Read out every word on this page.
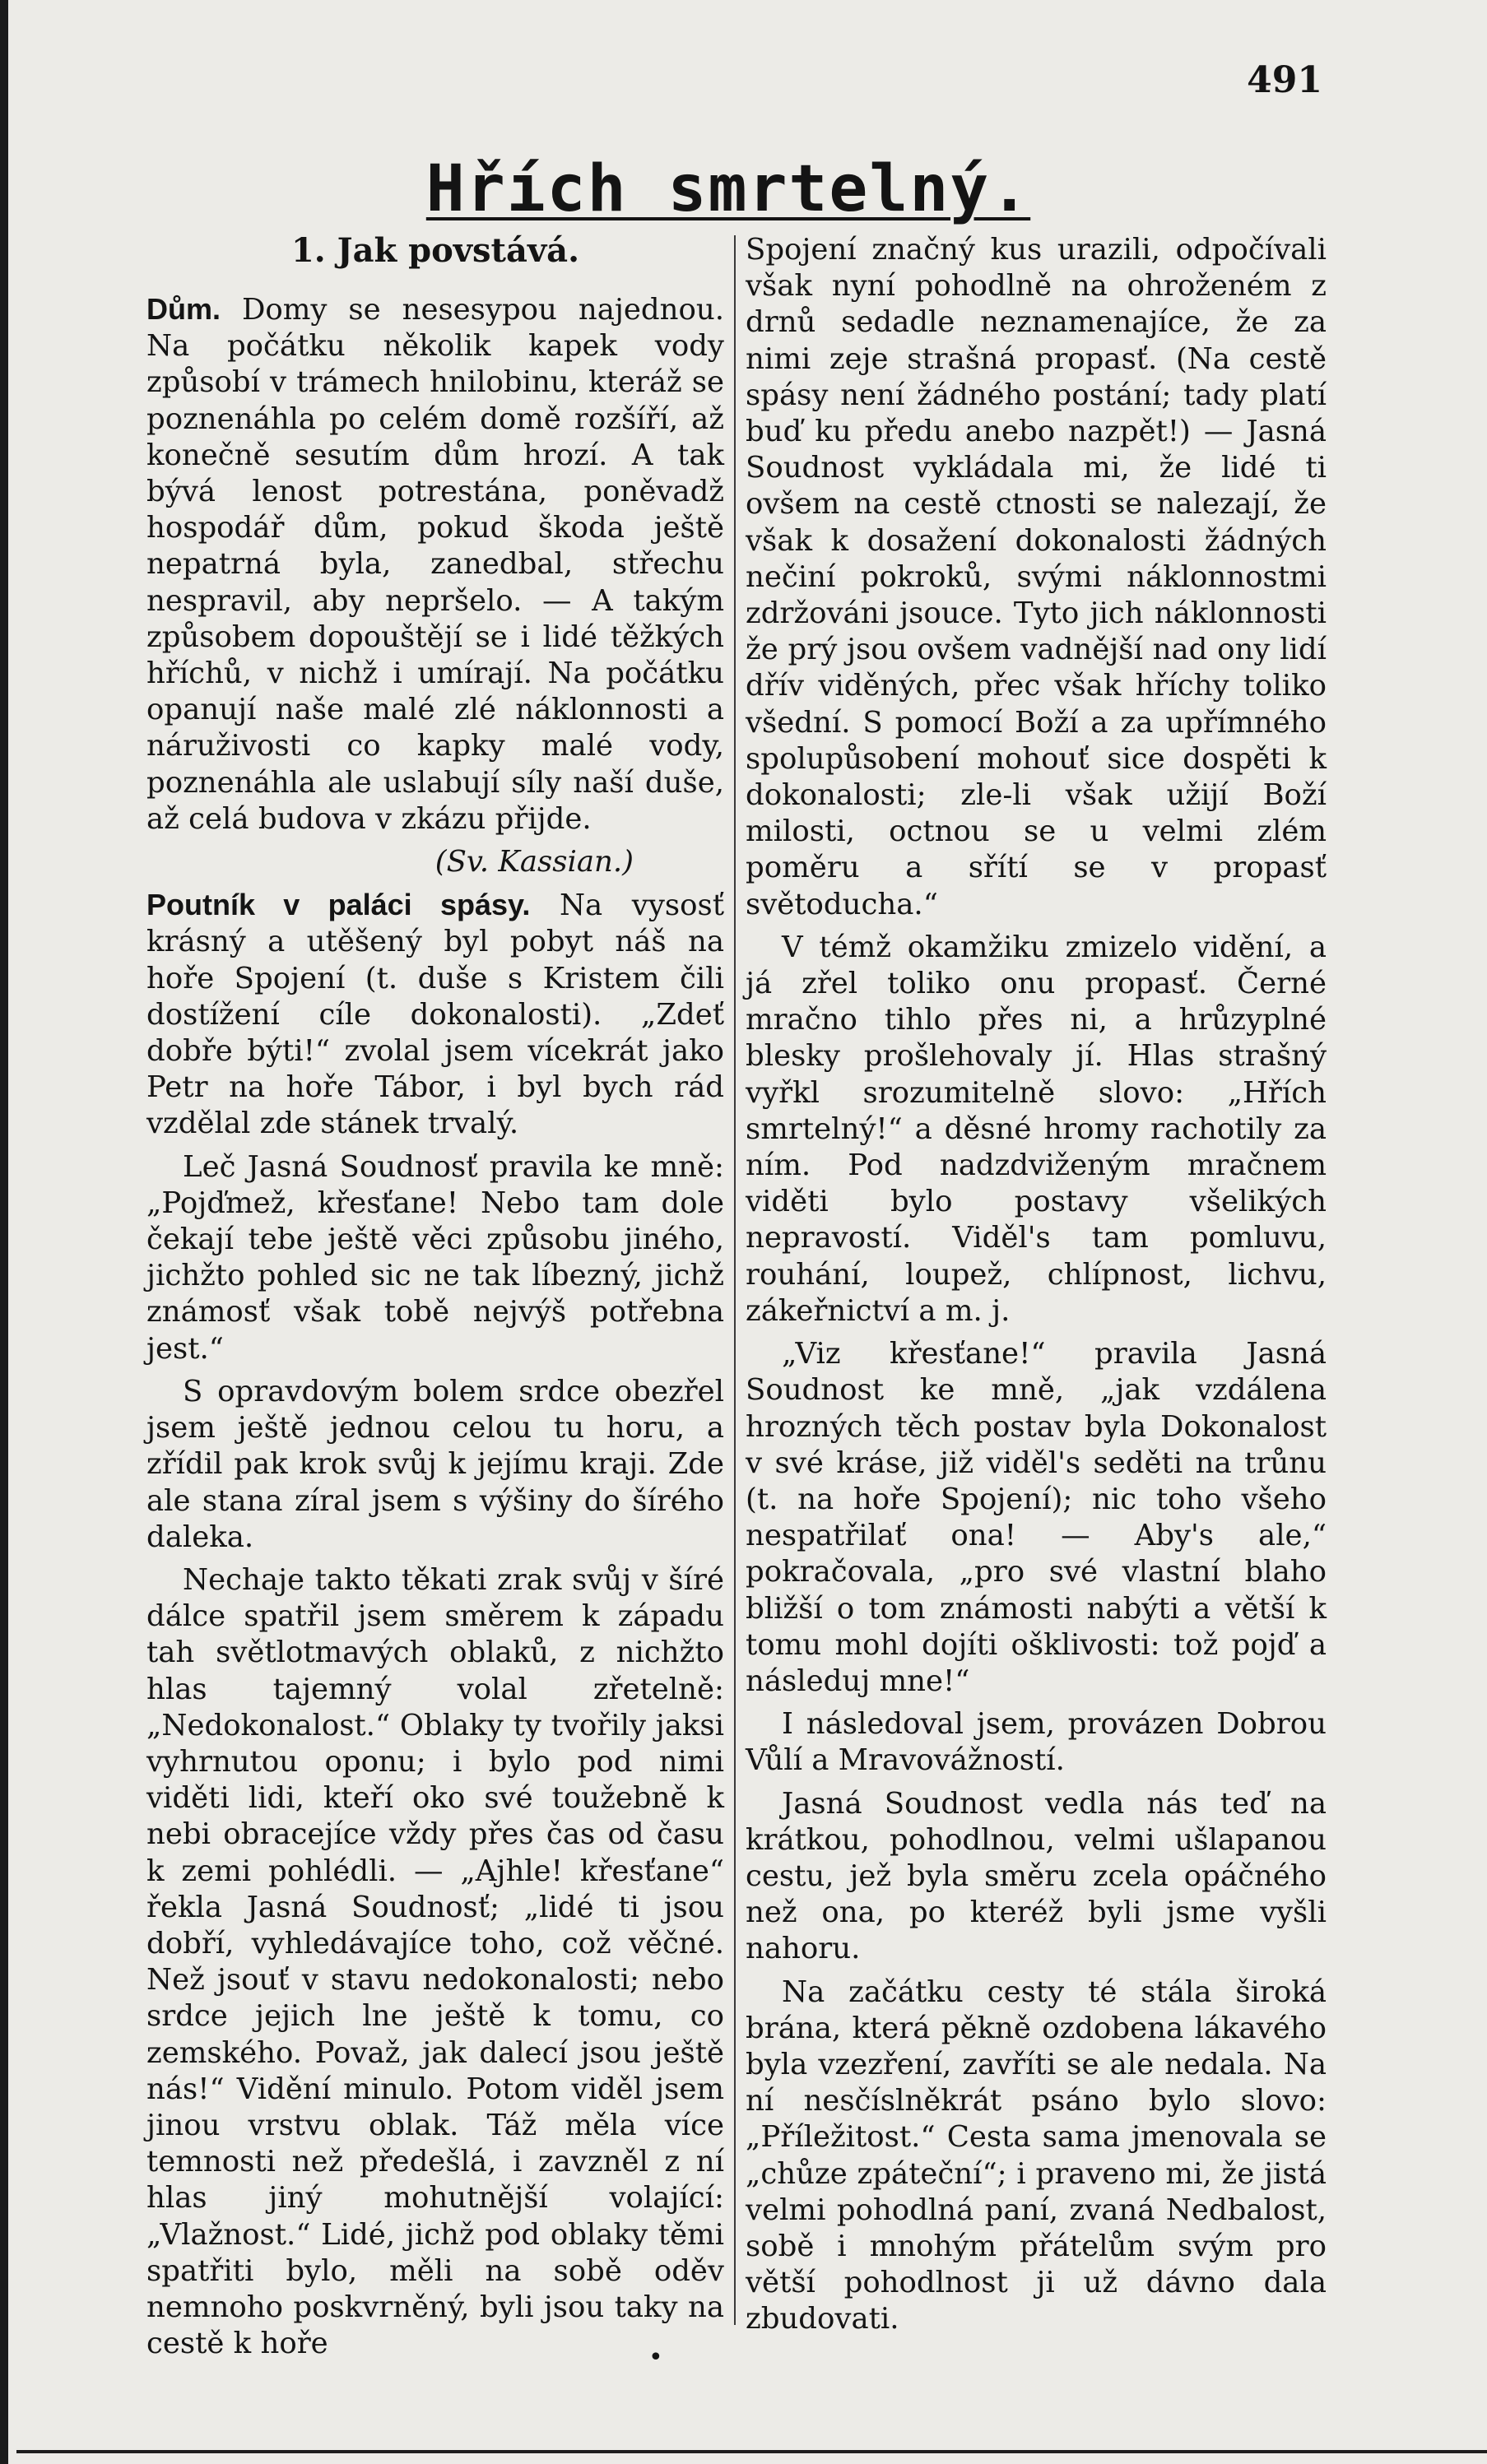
491
Hřích smrtelný.
1. Jak povstává.

Dům. Domy se nesesypou najednou. Na počátku několik kapek vody způsobí v trámech hnilobinu, kteráž se poznenáhla po celém domě rozšíří, až konečně sesutím dům hrozí. A tak bývá lenost potrestána, poněvadž hospodář dům, pokud škoda ještě nepatrná byla, zanedbal, střechu nespravil, aby nepršelo. — A takým způsobem dopouštějí se i lidé těžkých hříchů, v nichž i umírají. Na počátku opanují naše malé zlé náklonnosti a náruživosti co kapky malé vody, poznenáhla ale uslabují síly naší duše, až celá budova v zkázu přijde.

(Sv. Kassian.)

Poutník v paláci spásy. Na vysosť krásný a utěšený byl pobyt náš na hoře Spojení (t. duše s Kristem čili dostížení cíle dokonalosti). „Zdeť dobře býti!“ zvolal jsem vícekrát jako Petr na hoře Tábor, i byl bych rád vzdělal zde stánek trvalý.

Leč Jasná Soudnosť pravila ke mně: „Pojďmež, křesťane! Nebo tam dole čekají tebe ještě věci způsobu jiného, jichžto pohled sic ne tak líbezný, jichž známosť však tobě nejvýš potřebna jest.“

S opravdovým bolem srdce obezřel jsem ještě jednou celou tu horu, a zřídil pak krok svůj k jejímu kraji. Zde ale stana zíral jsem s výšiny do šírého daleka.

Nechaje takto těkati zrak svůj v šíré dálce spatřil jsem směrem k západu tah světlotmavých oblaků, z nichžto hlas tajemný volal zřetelně: „Nedokonalost.“ Oblaky ty tvořily jaksi vyhrnutou oponu; i bylo pod nimi viděti lidi, kteří oko své toužebně k nebi obracejíce vždy přes čas od času k zemi pohlédli. — „Ajhle! křesťane“ řekla Jasná Soudnosť; „lidé ti jsou dobří, vyhledávajíce toho, což věčné. Než jsouť v stavu nedokonalosti; nebo srdce jejich lne ještě k tomu, co zemského. Považ, jak dalecí jsou ještě nás!“ Vidění minulo. Potom viděl jsem jinou vrstvu oblak. Táž měla více temnosti než předešlá, i zavzněl z ní hlas jiný mohutnější volající: „Vlažnost.“ Lidé, jichž pod oblaky těmi spatřiti bylo, měli na sobě oděv nemnoho poskvrněný, byli jsou taky na cestě k hoře

Spojení značný kus urazili, odpočívali však nyní pohodlně na ohroženém z drnů sedadle neznamenajíce, že za nimi zeje strašná propasť. (Na cestě spásy není žádného postání; tady platí buď ku předu anebo nazpět!) — Jasná Soudnost vykládala mi, že lidé ti ovšem na cestě ctnosti se nalezají, že však k dosažení dokonalosti žádných nečiní pokroků, svými náklonnostmi zdržováni jsouce. Tyto jich náklonnosti že prý jsou ovšem vadnější nad ony lidí dřív viděných, přec však hříchy toliko všední. S pomocí Boží a za upřímného spolupůsobení mohouť sice dospěti k dokonalosti; zle-li však užijí Boží milosti, octnou se u velmi zlém poměru a sřítí se v propasť světoducha.“

V témž okamžiku zmizelo vidění, a já zřel toliko onu propasť. Černé mračno tihlo přes ni, a hrůzyplné blesky prošlehovaly jí. Hlas strašný vyřkl srozumitelně slovo: „Hřích smrtelný!“ a děsné hromy rachotily za ním. Pod nadzdviženým mračnem viděti bylo postavy všelikých nepravostí. Viděl's tam pomluvu, rouhání, loupež, chlípnost, lichvu, zákeřnictví a m. j.

„Viz křesťane!“ pravila Jasná Soudnost ke mně, „jak vzdálena hrozných těch postav byla Dokonalost v své kráse, již viděl's seděti na trůnu (t. na hoře Spojení); nic toho všeho nespatřilať ona! — Aby's ale,“ pokračovala, „pro své vlastní blaho bližší o tom známosti nabýti a větší k tomu mohl dojíti ošklivosti: tož pojď a následuj mne!“

I následoval jsem, provázen Dobrou Vůlí a Mravovážností.

Jasná Soudnost vedla nás teď na krátkou, pohodlnou, velmi ušlapanou cestu, jež byla směru zcela opáčného než ona, po kteréž byli jsme vyšli nahoru.

Na začátku cesty té stála široká brána, která pěkně ozdobena lákavého byla vzezření, zavříti se ale nedala. Na ní nesčíslněkrát psáno bylo slovo: „Příležitost.“ Cesta sama jmenovala se „chůze zpáteční“; i praveno mi, že jistá velmi pohodlná paní, zvaná Nedbalost, sobě i mnohým přátelům svým pro větší pohodlnost ji už dávno dala zbudovati.

•
